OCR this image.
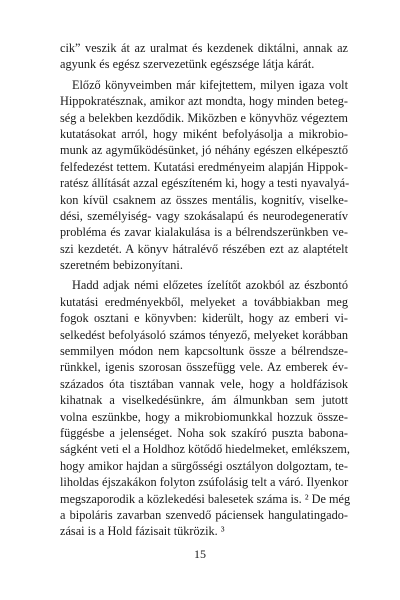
cik” veszik át az uralmat és kezdenek diktálni, annak az
agyunk és egész szervezetünk egészsége látja kárát.
Előző könyveimben már kifejtettem, milyen igaza volt
Hippokratésznak, amikor azt mondta, hogy minden beteg-
ség a belekben kezdődik. Miközben e könyvhöz végeztem
kutatásokat arról, hogy miként befolyásolja a mikrobio-
munk az agyműködésünket, jó néhány egészen elképesztő
felfedezést tettem. Kutatási eredményeim alapján Hippok-
ratész állítását azzal egészíteném ki, hogy a testi nyavalyá-
kon kívül csaknem az összes mentális, kognitív, viselke-
dési, személyiség- vagy szokásalapú és neurodegeneratív
probléma és zavar kialakulása is a bélrendszerünkben ve-
szi kezdetét. A könyv hátralévő részében ezt az alaptételt
szeretném bebizonyítani.
Hadd adjak némi előzetes ízelítőt azokból az észbontó
kutatási eredményekből, melyeket a továbbiakban meg
fogok osztani e könyvben: kiderült, hogy az emberi vi-
selkedést befolyásoló számos tényező, melyeket korábban
semmilyen módon nem kapcsoltunk össze a bélrendsze-
rünkkel, igenis szorosan összefügg vele. Az emberek év-
százados óta tisztában vannak vele, hogy a holdfázisok
kihatnak a viselkedésünkre, ám álmunkban sem jutott
volna eszünkbe, hogy a mikrobiomunkkal hozzuk össze-
függésbe a jelenséget. Noha sok szakíró puszta babona-
ságként veti el a Holdhoz kötődő hiedelmeket, emlékszem,
hogy amikor hajdan a sürgősségi osztályon dolgoztam, te-
liholdas éjszakákon folyton zsúfolásig telt a váró. Ilyenkor
megszaporodik a közlekedési balesetek száma is. ² De még
a bipoláris zavarban szenvedő páciensek hangulatingado-
zásai is a Hold fázisait tükrözik. ³
15
